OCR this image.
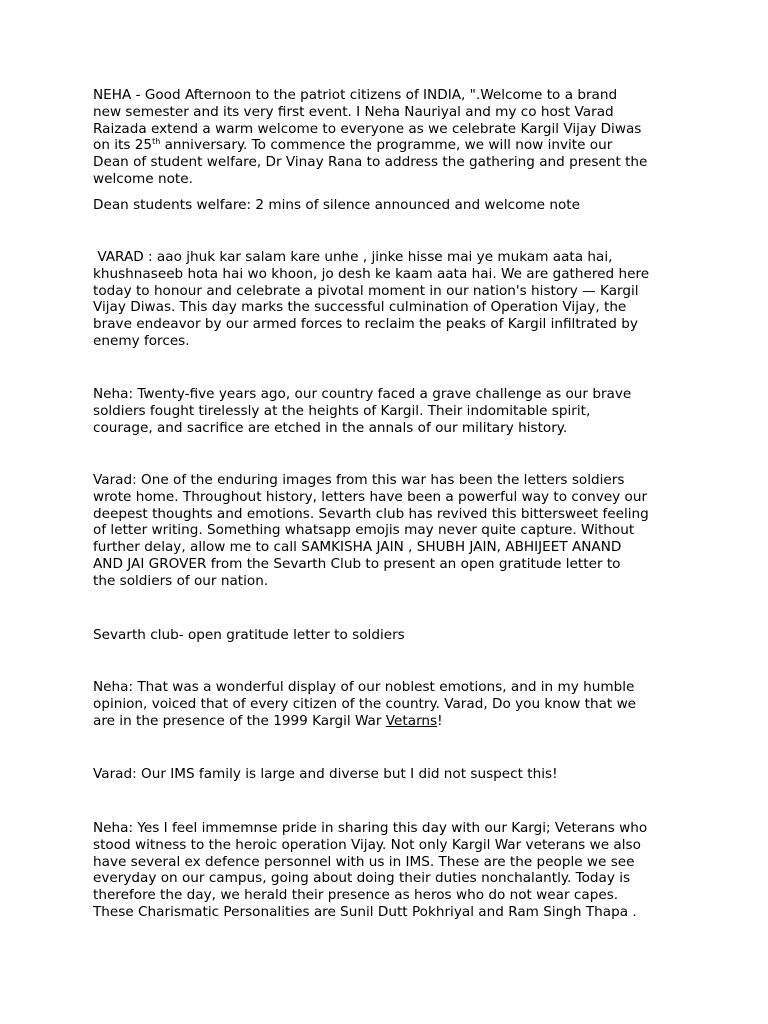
NEHA - Good Afternoon to the patriot citizens of INDIA, ".Welcome to a brand
new semester and its very first event. I Neha Nauriyal and my co host Varad
Raizada extend a warm welcome to everyone as we celebrate Kargil Vijay Diwas
on its 25th anniversary. To commence the programme, we will now invite our
Dean of student welfare, Dr Vinay Rana to address the gathering and present the
welcome note.

Dean students welfare: 2 mins of silence announced and welcome note

VARAD : aao jhuk kar salam kare unhe , jinke hisse mai ye mukam aata hai,
khushnaseeb hota hai wo khoon, jo desh ke kaam aata hai. We are gathered here
today to honour and celebrate a pivotal moment in our nation's history — Kargil
Vijay Diwas. This day marks the successful culmination of Operation Vijay, the
brave endeavor by our armed forces to reclaim the peaks of Kargil infiltrated by
enemy forces.

Neha: Twenty-five years ago, our country faced a grave challenge as our brave
soldiers fought tirelessly at the heights of Kargil. Their indomitable spirit,
courage, and sacrifice are etched in the annals of our military history.

Varad: One of the enduring images from this war has been the letters soldiers
wrote home. Throughout history, letters have been a powerful way to convey our
deepest thoughts and emotions. Sevarth club has revived this bittersweet feeling
of letter writing. Something whatsapp emojis may never quite capture. Without
further delay, allow me to call SAMKISHA JAIN , SHUBH JAIN, ABHIJEET ANAND
AND JAI GROVER from the Sevarth Club to present an open gratitude letter to
the soldiers of our nation.

Sevarth club- open gratitude letter to soldiers

Neha: That was a wonderful display of our noblest emotions, and in my humble
opinion, voiced that of every citizen of the country. Varad, Do you know that we
are in the presence of the 1999 Kargil War Vetarns!

Varad: Our IMS family is large and diverse but I did not suspect this!

Neha: Yes I feel immemnse pride in sharing this day with our Kargi; Veterans who
stood witness to the heroic operation Vijay. Not only Kargil War veterans we also
have several ex defence personnel with us in IMS. These are the people we see
everyday on our campus, going about doing their duties nonchalantly. Today is
therefore the day, we herald their presence as heros who do not wear capes.
These Charismatic Personalities are Sunil Dutt Pokhriyal and Ram Singh Thapa .
